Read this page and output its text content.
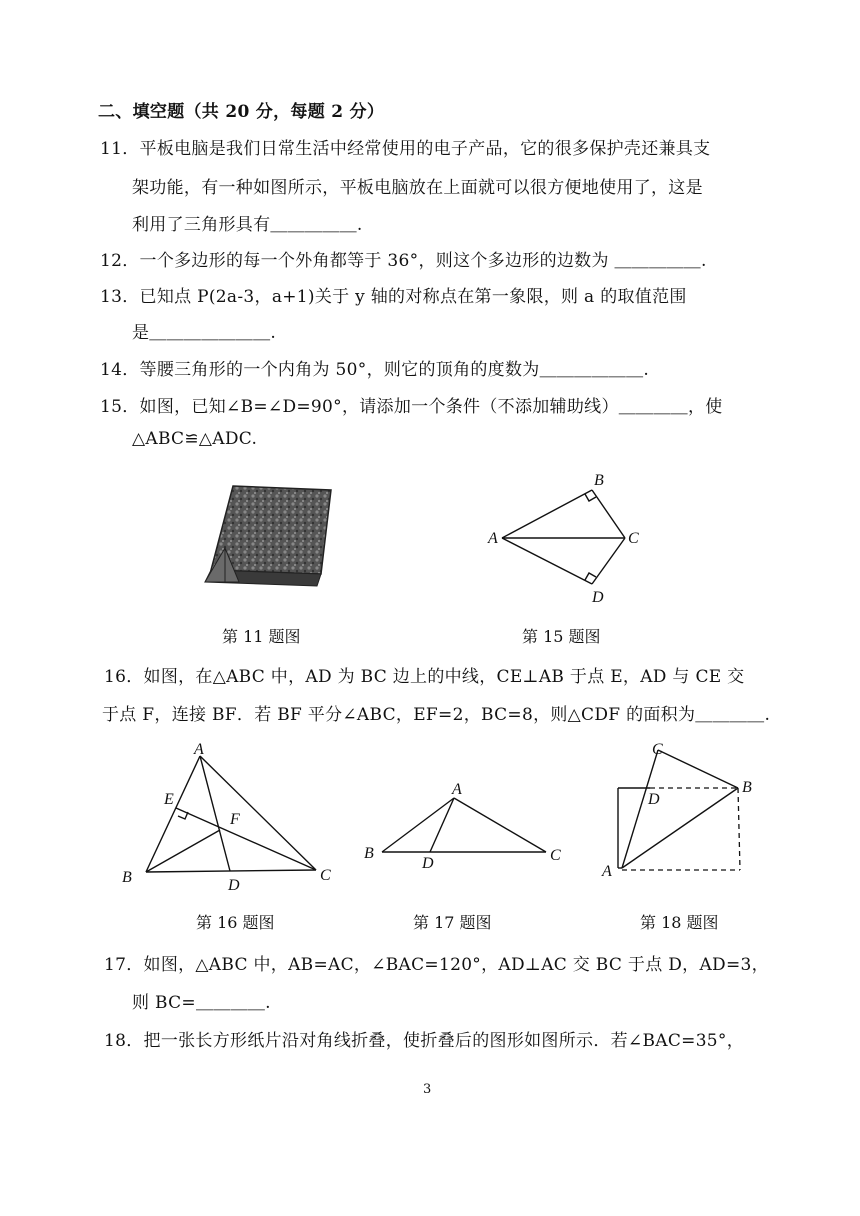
二、填空题（共 20 分，每题 2 分）
11．平板电脑是我们日常生活中经常使用的电子产品，它的很多保护壳还兼具支
架功能，有一种如图所示，平板电脑放在上面就可以很方便地使用了，这是
利用了三角形具有＿＿＿＿＿.
12．一个多边形的每一个外角都等于 36°，则这个多边形的边数为 ＿＿＿＿＿.
13．已知点 P(2a-3，a+1)关于 y 轴的对称点在第一象限，则 a 的取值范围
是＿＿＿＿＿＿＿.
14．等腰三角形的一个内角为 50°，则它的顶角的度数为＿＿＿＿＿＿.
15．如图，已知∠B=∠D=90°，请添加一个条件（不添加辅助线）＿＿＿＿，使
△ABC≌△ADC.
第 11 题图
A
B
C
D
第 15 题图
16．如图，在△ABC 中，AD 为 BC 边上的中线，CE⊥AB 于点 E，AD 与 CE 交
于点 F，连接 BF．若 BF 平分∠ABC，EF=2，BC=8，则△CDF 的面积为＿＿＿＿.
A
B	C
D
E
F
第 16 题图
A
B	C
D
第 17 题图
C
B
D
A
第 18 题图
17．如图，△ABC 中，AB=AC，∠BAC=120°，AD⊥AC 交 BC 于点 D，AD=3，
则 BC=＿＿＿＿.
18．把一张长方形纸片沿对角线折叠，使折叠后的图形如图所示．若∠BAC=35°，
3
